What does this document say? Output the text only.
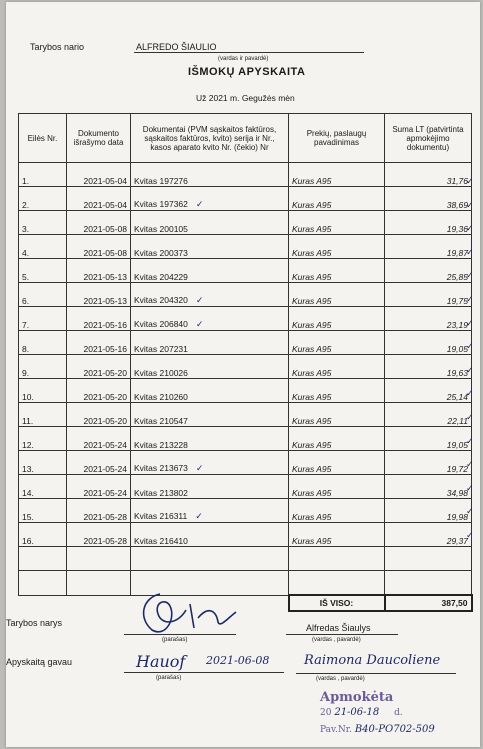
Tarybos nario	ALFREDO ŠIAULIO
(vardas ir pavardė)
IŠMOKŲ APYSKAITA
Už 2021 m. Gegužės mėn
Eilės Nr.	Dokumento išrašymo data	Dokumentai (PVM sąskaitos faktūros, sąskaitos faktūros, kvito) serija ir Nr., kasos aparato kvito Nr. (čekio) Nr	Prekių, paslaugų pavadinimas	Suma LT (patvirtinta apmokėjimo dokumentu)
1.	2021-05-04	Kvitas 197276	Kuras A95	31,76
2.	2021-05-04	Kvitas 197362 ✓	Kuras A95	38,69
3.	2021-05-08	Kvitas 200105	Kuras A95	19,36
4.	2021-05-08	Kvitas 200373	Kuras A95	19,87
5.	2021-05-13	Kvitas 204229	Kuras A95	25,85
6.	2021-05-13	Kvitas 204320 ✓	Kuras A95	19,75
7.	2021-05-16	Kvitas 206840 ✓	Kuras A95	23,19
8.	2021-05-16	Kvitas 207231	Kuras A95	19,05
9.	2021-05-20	Kvitas 210026	Kuras A95	19,63
10.	2021-05-20	Kvitas 210260	Kuras A95	25,14
11.	2021-05-20	Kvitas 210547	Kuras A95	22,11
12.	2021-05-24	Kvitas 213228	Kuras A95	19,05
13.	2021-05-24	Kvitas 213673 ✓	Kuras A95	19,72
14.	2021-05-24	Kvitas 213802	Kuras A95	34,98
15.	2021-05-28	Kvitas 216311 ✓	Kuras A95	19,98
16.	2021-05-28	Kvitas 216410	Kuras A95	29,37

			IŠ VISO:	387,50
Tarybos narys
(parašas)
Alfredas Šiaulys
(vardas , pavardė)
Apyskaitą gavau	Hauof 2021-06-08
(parašas)
Raimona Daucoliene
(vardas , pavardė)
Apmokėta
20 21-06-18 d.
Pav.Nr. B40-PO702-509
✓
✓
✓
✓
✓
✓
✓
✓
✓
✓
✓
✓
✓
✓
✓
✓
